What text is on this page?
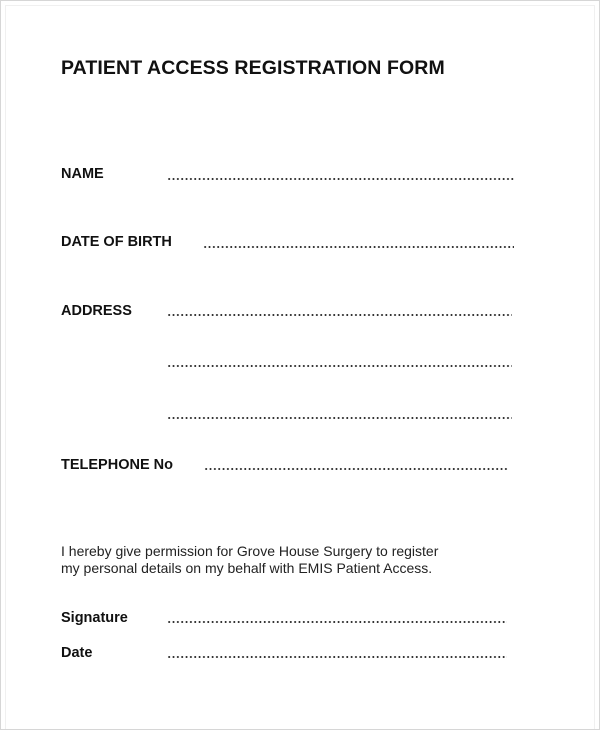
PATIENT ACCESS REGISTRATION FORM
NAME
DATE OF BIRTH
ADDRESS
TELEPHONE No
I hereby give permission for Grove House Surgery to register
my personal details on my behalf with EMIS Patient Access.
Signature
Date
